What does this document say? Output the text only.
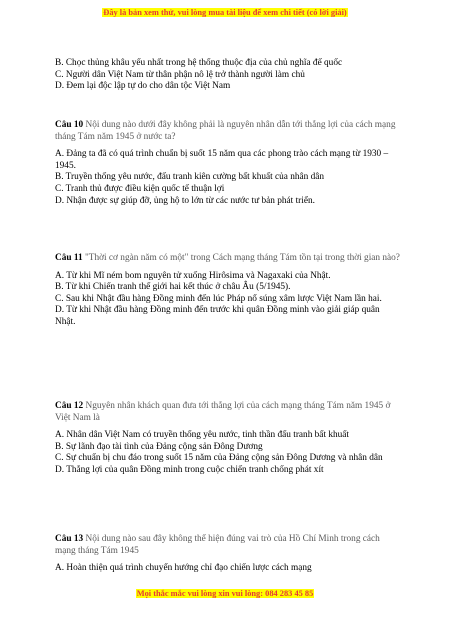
Đây là bản xem thử, vui lòng mua tài liệu để xem chi tiết (có lời giải)

B. Chọc thủng khâu yếu nhất trong hệ thống thuộc địa của chủ nghĩa đế quốc

C. Người dân Việt Nam từ thân phận nô lệ trở thành người làm chủ

D. Đem lại độc lập tự do cho dân tộc Việt Nam

Câu 10 Nội dung nào dưới đây không phải là nguyên nhân dẫn tới thắng lợi của cách mạng tháng Tám năm 1945 ở nước ta?

A. Đảng ta đã có quá trình chuẩn bị suốt 15 năm qua các phong trào cách mạng từ 1930 – 1945.

B. Truyền thống yêu nước, đấu tranh kiên cường bất khuất của nhân dân

C. Tranh thủ được điều kiện quốc tế thuận lợi

D. Nhận được sự giúp đỡ, ủng hộ to lớn từ các nước tư bản phát triển.

Câu 11 "Thời cơ ngàn năm có một" trong Cách mạng tháng Tám tồn tại trong thời gian nào?

A. Từ khi Mĩ ném bom nguyên tử xuống Hirôsima và Nagaxaki của Nhật.

B. Từ khi Chiến tranh thế giới hai kết thúc ở châu Âu (5/1945).

C. Sau khi Nhật đầu hàng Đồng minh đến lúc Pháp nổ súng xâm lược Việt Nam lần hai.

D. Từ khi Nhật đầu hàng Đồng minh đến trước khi quân Đồng minh vào giải giáp quân Nhật.

Câu 12 Nguyên nhân khách quan đưa tới thắng lợi của cách mạng tháng Tám năm 1945 ở Việt Nam là

A. Nhân dân Việt Nam có truyền thống yêu nước, tinh thần đấu tranh bất khuất

B. Sự lãnh đạo tài tình của Đảng cộng sản Đông Dương

C. Sự chuẩn bị chu đáo trong suốt 15 năm của Đảng cộng sản Đông Dương và nhân dân

D. Thắng lợi của quân Đồng minh trong cuộc chiến tranh chống phát xít

Câu 13 Nội dung nào sau đây không thể hiện đúng vai trò của Hồ Chí Minh trong cách mạng tháng Tám 1945

A. Hoàn thiện quá trình chuyển hướng chỉ đạo chiến lược cách mạng

Mọi thắc mắc vui lòng xin vui lòng: 084 283 45 85
